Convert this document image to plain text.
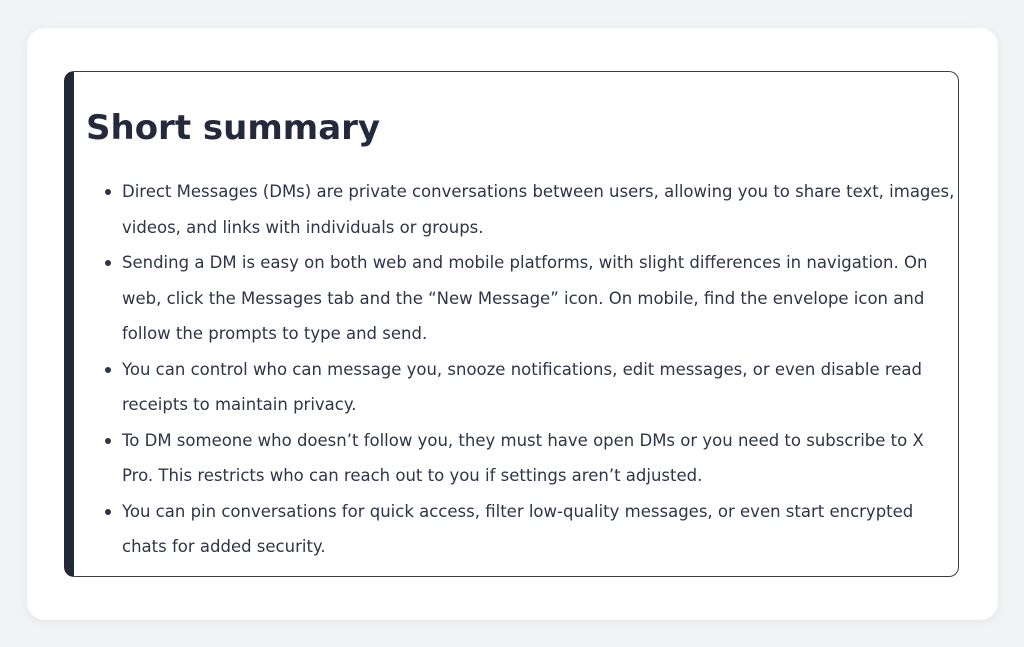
Short summary
Direct Messages (DMs) are private conversations between users, allowing you to share text, images, videos, and links with individuals or groups.
Sending a DM is easy on both web and mobile platforms, with slight differences in navigation. On web, click the Messages tab and the “New Message” icon. On mobile, find the envelope icon and follow the prompts to type and send.
You can control who can message you, snooze notifications, edit messages, or even disable read receipts to maintain privacy.
To DM someone who doesn’t follow you, they must have open DMs or you need to subscribe to X Pro. This restricts who can reach out to you if settings aren’t adjusted.
You can pin conversations for quick access, filter low-quality messages, or even start encrypted chats for added security.
